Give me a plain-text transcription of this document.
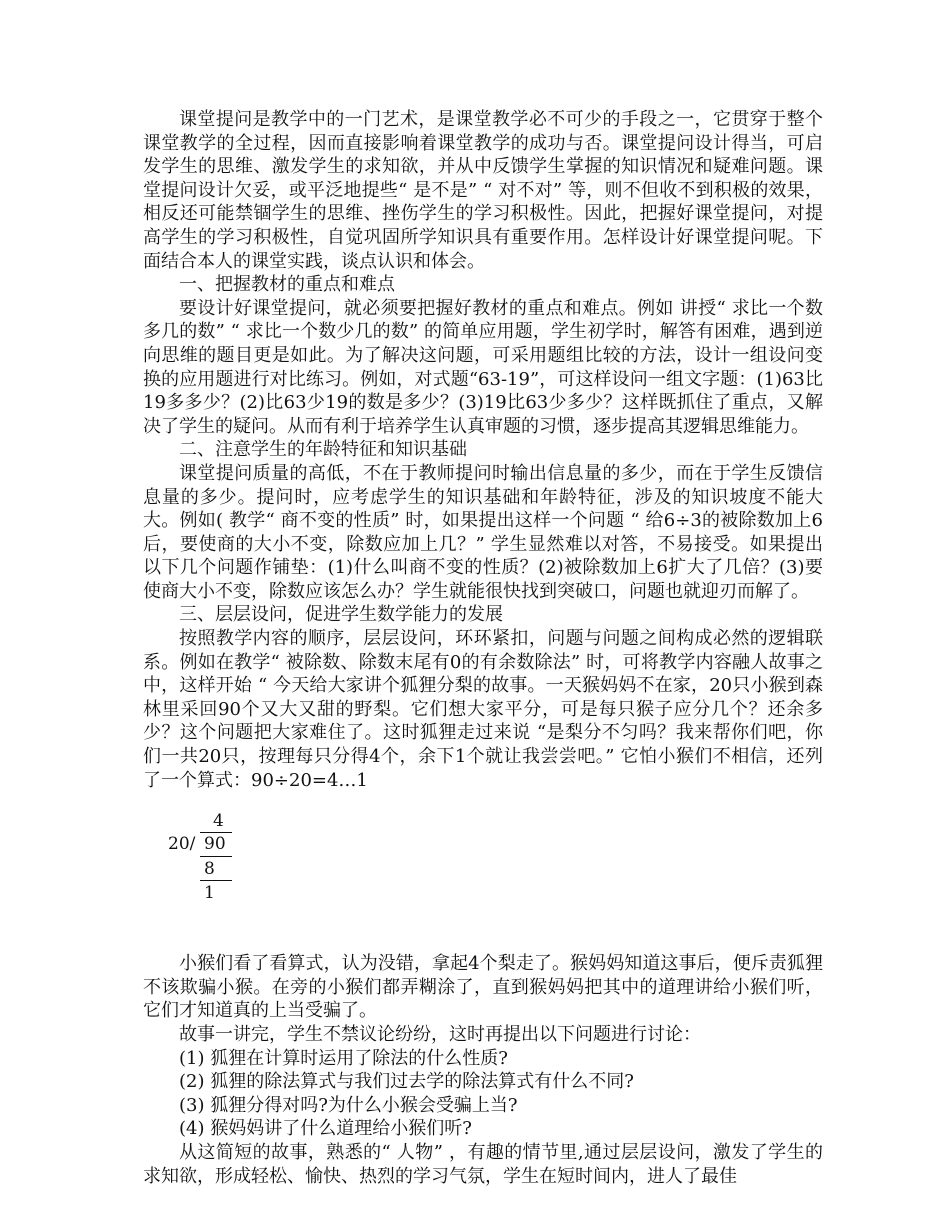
课堂提问是教学中的一门艺术，是课堂教学必不可少的手段之一，它贯穿于整个课堂教学的全过程，因而直接影响着课堂教学的成功与否。课堂提问设计得当，可启发学生的思维、激发学生的求知欲，并从中反馈学生掌握的知识情况和疑难问题。课堂提问设计欠妥，或平泛地提些“ 是不是” “ 对不对” 等，则不但收不到积极的效果，相反还可能禁锢学生的思维、挫伤学生的学习积极性。因此，把握好课堂提问，对提高学生的学习积极性，自觉巩固所学知识具有重要作用。怎样设计好课堂提问呢。下面结合本人的课堂实践，谈点认识和体会。

一、把握教材的重点和难点

要设计好课堂提问，就必须要把握好教材的重点和难点。例如 讲授“ 求比一个数多几的数” “ 求比一个数少几的数” 的简单应用题，学生初学时，解答有困难，遇到逆向思维的题目更是如此。为了解决这问题，可采用题组比较的方法，设计一组设问变换的应用题进行对比练习。例如，对式题“63-19”，可这样设问一组文字题：(1)63比19多多少？(2)比63少19的数是多少？(3)19比63少多少？这样既抓住了重点，又解决了学生的疑问。从而有利于培养学生认真审题的习惯，逐步提高其逻辑思维能力。

二、注意学生的年龄特征和知识基础

课堂提问质量的高低，不在于教师提问时输出信息量的多少，而在于学生反馈信息量的多少。提问时，应考虑学生的知识基础和年龄特征，涉及的知识坡度不能大大。例如( 教学“ 商不变的性质” 时，如果提出这样一个问题 “ 给6÷3的被除数加上6后，要使商的大小不变，除数应加上几？” 学生显然难以对答，不易接受。如果提出以下几个问题作铺垫：(1)什么叫商不变的性质？(2)被除数加上6扩大了几倍？(3)要使商大小不变，除数应该怎么办？学生就能很快找到突破口，问题也就迎刃而解了。

三、层层设问，促进学生数学能力的发展

按照教学内容的顺序，层层设问，环环紧扣，问题与问题之间构成必然的逻辑联系。例如在教学“ 被除数、除数末尾有0的有余数除法” 时，可将教学内容融人故事之中，这样开始 “ 今天给大家讲个狐狸分梨的故事。一天猴妈妈不在家，20只小猴到森林里采回90个又大又甜的野梨。它们想大家平分，可是每只猴子应分几个？还余多少？这个问题把大家难住了。这时狐狸走过来说 “是梨分不匀吗？我来帮你们吧，你们一共20只，按理每只分得4个，余下1个就让我尝尝吧。” 它怕小猴们不相信，还列了一个算式：90÷20=4…1

4
20/ 90
8
1

小猴们看了看算式，认为没错，拿起4个梨走了。猴妈妈知道这事后，便斥责狐狸不该欺骗小猴。在旁的小猴们都弄糊涂了，直到猴妈妈把其中的道理讲给小猴们听，它们才知道真的上当受骗了。

故事一讲完，学生不禁议论纷纷，这时再提出以下问题进行讨论：

(1) 狐狸在计算时运用了除法的什么性质?

(2) 狐狸的除法算式与我们过去学的除法算式有什么不同?

(3) 狐狸分得对吗?为什么小猴会受骗上当?

(4) 猴妈妈讲了什么道理给小猴们听?

从这简短的故事，熟悉的“ 人物” ，有趣的情节里,通过层层设问，激发了学生的求知欲，形成轻松、愉快、热烈的学习气氛，学生在短时间内，进人了最佳
